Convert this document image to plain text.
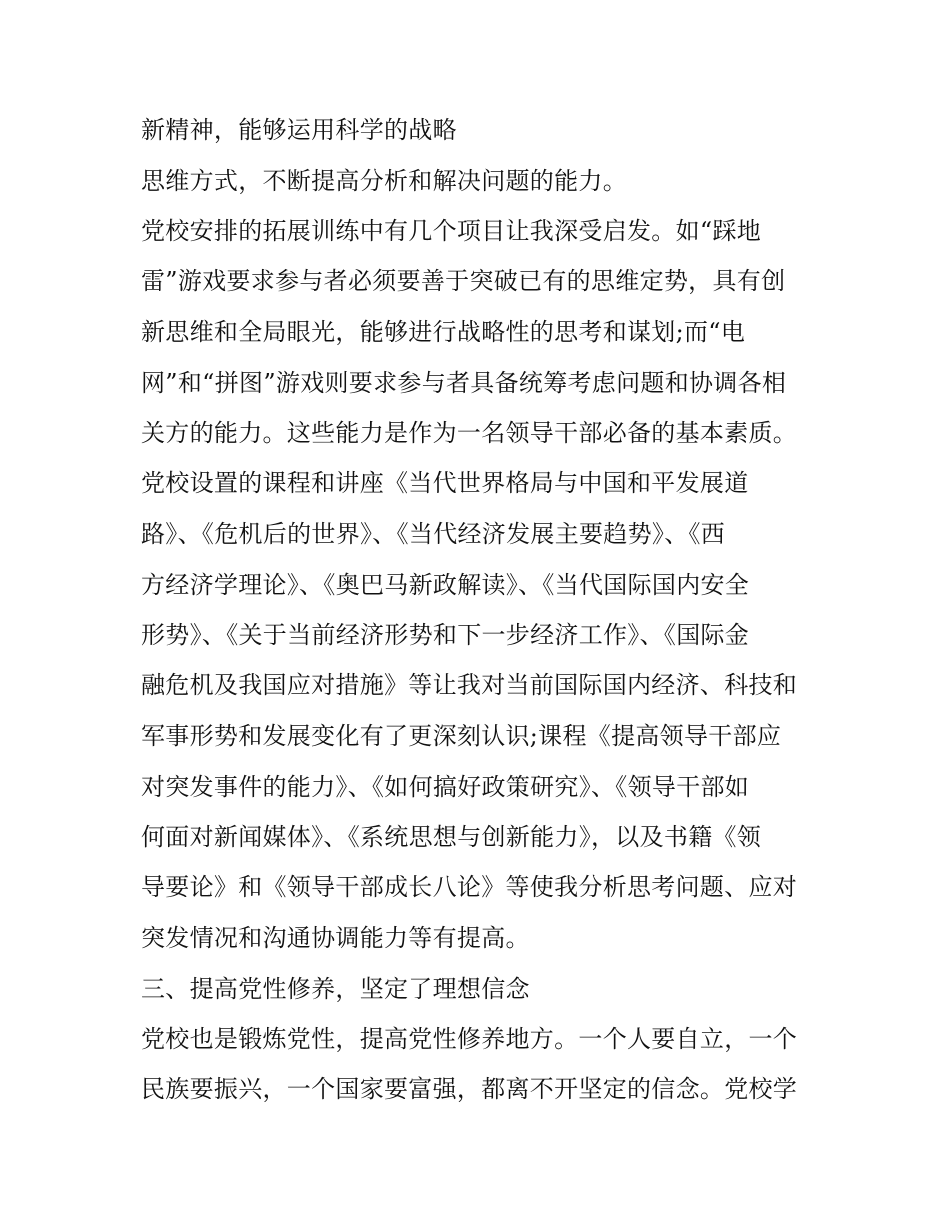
新精神，能够运用科学的战略

思维方式，不断提高分析和解决问题的能力。

党校安排的拓展训练中有几个项目让我深受启发。如“踩地

雷”游戏要求参与者必须要善于突破已有的思维定势，具有创

新思维和全局眼光，能够进行战略性的思考和谋划;而“电

网”和“拼图”游戏则要求参与者具备统筹考虑问题和协调各相

关方的能力。这些能力是作为一名领导干部必备的基本素质。

党校设置的课程和讲座《当代世界格局与中国和平发展道

路》、《危机后的世界》、《当代经济发展主要趋势》、《西

方经济学理论》、《奥巴马新政解读》、《当代国际国内安全

形势》、《关于当前经济形势和下一步经济工作》、《国际金

融危机及我国应对措施》等让我对当前国际国内经济、科技和

军事形势和发展变化有了更深刻认识;课程《提高领导干部应

对突发事件的能力》、《如何搞好政策研究》、《领导干部如

何面对新闻媒体》、《系统思想与创新能力》，以及书籍《领

导要论》和《领导干部成长八论》等使我分析思考问题、应对

突发情况和沟通协调能力等有提高。

三、提高党性修养，坚定了理想信念

党校也是锻炼党性，提高党性修养地方。一个人要自立，一个

民族要振兴，一个国家要富强，都离不开坚定的信念。党校学
